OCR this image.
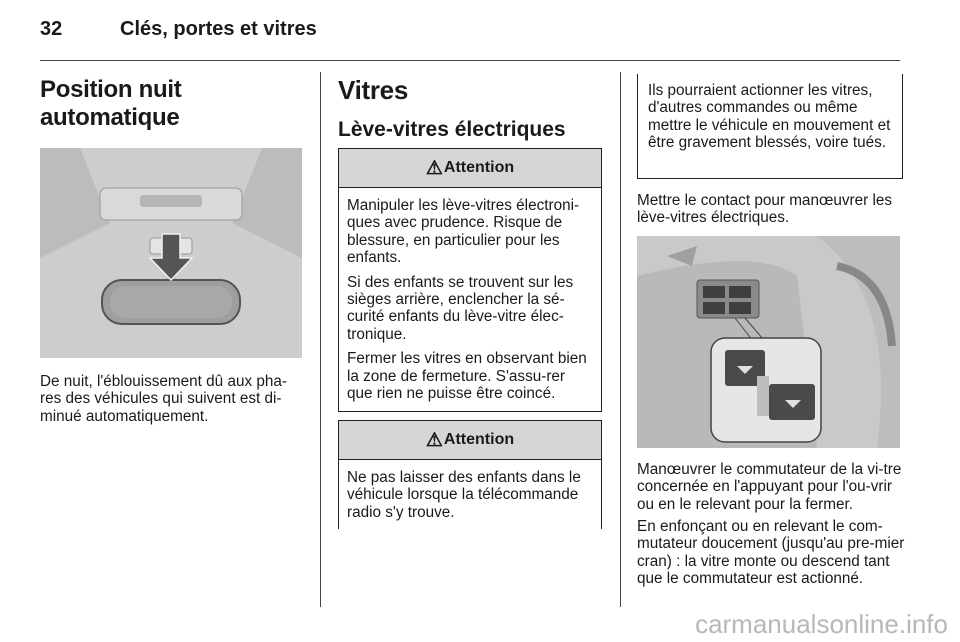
32	Clés, portes et vitres
Position nuit automatique

De nuit, l'éblouissement dû aux pha-res des véhicules qui suivent est di-minué automatiquement.

Vitres
Lève-vitres électriques
⚠ Attention

Manipuler les lève-vitres électroni-ques avec prudence. Risque de blessure, en particulier pour les enfants.

Si des enfants se trouvent sur les sièges arrière, enclencher la sé-curité enfants du lève-vitre élec-tronique.

Fermer les vitres en observant bien la zone de fermeture. S'assu-rer que rien ne puisse être coincé.

⚠ Attention

Ne pas laisser des enfants dans le véhicule lorsque la télécommande radio s'y trouve.

Ils pourraient actionner les vitres, d'autres commandes ou même mettre le véhicule en mouvement et être gravement blessés, voire tués.

Mettre le contact pour manœuvrer les lève-vitres électriques.

Manœuvrer le commutateur de la vi-tre concernée en l'appuyant pour l'ou-vrir ou en le relevant pour la fermer.

En enfonçant ou en relevant le com-mutateur doucement (jusqu'au pre-mier cran) : la vitre monte ou descend tant que le commutateur est actionné.

carmanualsonline.info
